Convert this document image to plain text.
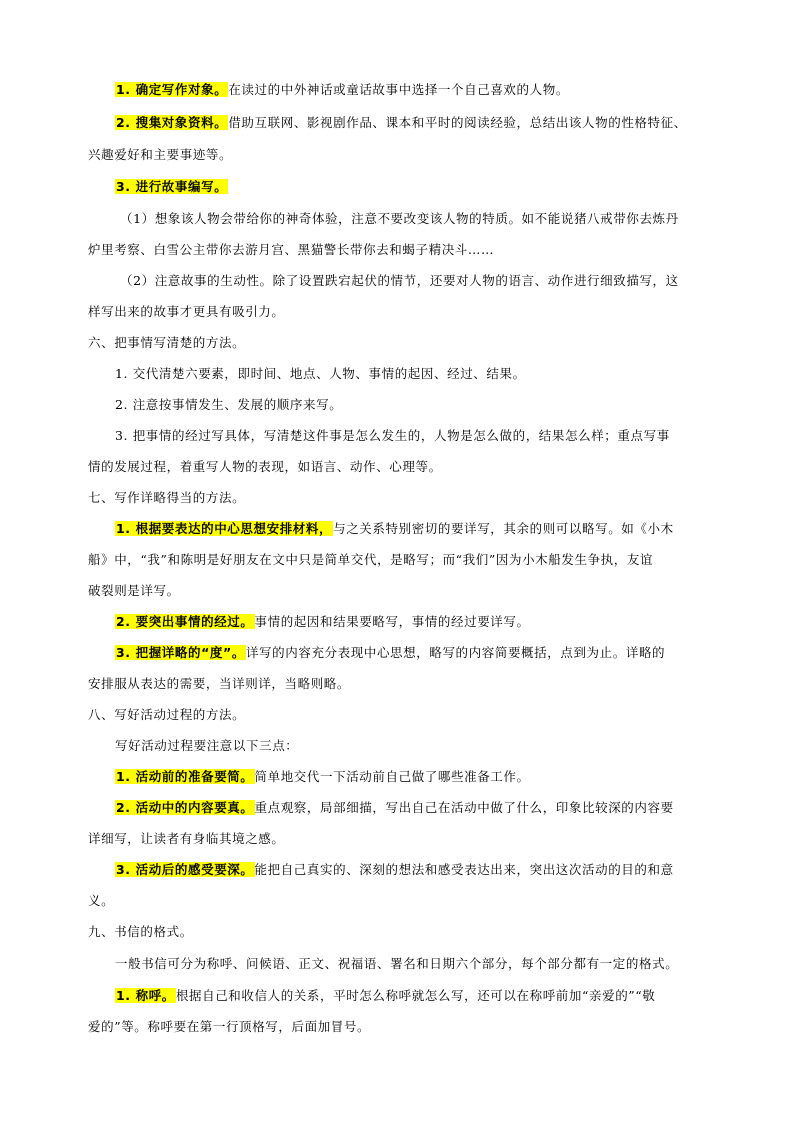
1. 确定写作对象。在读过的中外神话或童话故事中选择一个自己喜欢的人物。
2. 搜集对象资料。借助互联网、影视剧作品、课本和平时的阅读经验，总结出该人物的性格特征、
兴趣爱好和主要事迹等。
3. 进行故事编写。
（1）想象该人物会带给你的神奇体验，注意不要改变该人物的特质。如不能说猪八戒带你去炼丹
炉里考察、白雪公主带你去游月宫、黑猫警长带你去和蝎子精决斗……
（2）注意故事的生动性。除了设置跌宕起伏的情节，还要对人物的语言、动作进行细致描写，这
样写出来的故事才更具有吸引力。
六、把事情写清楚的方法。
1. 交代清楚六要素，即时间、地点、人物、事情的起因、经过、结果。
2. 注意按事情发生、发展的顺序来写。
3. 把事情的经过写具体，写清楚这件事是怎么发生的，人物是怎么做的，结果怎么样；重点写事
情的发展过程，着重写人物的表现，如语言、动作、心理等。
七、写作详略得当的方法。
1. 根据要表达的中心思想安排材料，与之关系特别密切的要详写，其余的则可以略写。如《小木
船》中，“我”和陈明是好朋友在文中只是简单交代，是略写；而“我们”因为小木船发生争执，友谊
破裂则是详写。
2. 要突出事情的经过。事情的起因和结果要略写，事情的经过要详写。
3. 把握详略的“度”。详写的内容充分表现中心思想，略写的内容简要概括，点到为止。详略的
安排服从表达的需要，当详则详，当略则略。
八、写好活动过程的方法。
写好活动过程要注意以下三点：
1. 活动前的准备要简。简单地交代一下活动前自己做了哪些准备工作。
2. 活动中的内容要真。重点观察，局部细描，写出自己在活动中做了什么，印象比较深的内容要
详细写，让读者有身临其境之感。
3. 活动后的感受要深。能把自己真实的、深刻的想法和感受表达出来，突出这次活动的目的和意
义。
九、书信的格式。
一般书信可分为称呼、问候语、正文、祝福语、署名和日期六个部分，每个部分都有一定的格式。
1. 称呼。根据自己和收信人的关系，平时怎么称呼就怎么写，还可以在称呼前加“亲爱的”“敬
爱的”等。称呼要在第一行顶格写，后面加冒号。
